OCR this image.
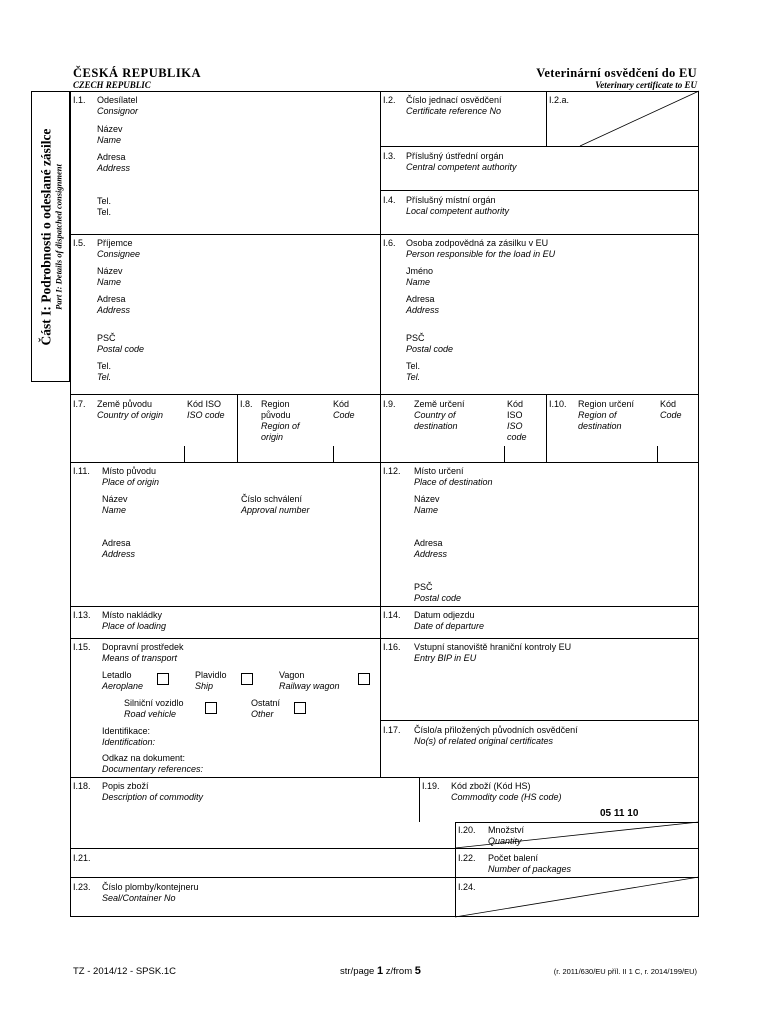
ČESKÁ REPUBLIKA
CZECH REPUBLIC
Veterinární osvědčení do EU
Veterinary certificate to EU
Část I: Podrobnosti o odeslané zásilce Part I: Details of dispatched consignment
I.1. Odesílatel
Consignor
Název
Name
Adresa
Address
Tel.
Tel.
I.2. Číslo jednací osvědčení
Certificate reference No
I.2.a.
I.3. Příslušný ústřední orgán
Central competent authority
I.4. Příslušný místní orgán
Local competent authority
I.5. Příjemce
Consignee
Název
Name
Adresa
Address
PSČ
Postal code
Tel.
Tel.
I.6. Osoba zodpovědná za zásilku v EU
Person responsible for the load in EU
Jméno
Name
Adresa
Address
PSČ
Postal code
Tel.
Tel.
I.7. Země původu
Country of origin
Kód ISO
ISO code
I.8. Region
původu
Region of
origin
Kód
Code
I.9. Země určení
Country of
destination
Kód
ISO
ISO
code
I.10. Region určení
Region of
destination
Kód
Code
I.11. Místo původu
Place of origin
Název
Name
Číslo schválení
Approval number
Adresa
Address
I.12. Místo určení
Place of destination
Název
Name
Adresa
Address
PSČ
Postal code
I.13. Místo nakládky
Place of loading
I.14. Datum odjezdu
Date of departure
I.15. Dopravní prostředek
Means of transport
Letadlo
Aeroplane
Plavidlo
Ship
Vagon
Railway wagon
Silniční vozidlo
Road vehicle
Ostatní
Other
Identifikace:
Identification:
Odkaz na dokument:
Documentary references:
I.16. Vstupní stanoviště hraniční kontroly EU
Entry BIP in EU
I.17. Číslo/a přiložených původních osvědčení
No(s) of related original certificates
I.18. Popis zboží
Description of commodity
I.19. Kód zboží (Kód HS)
Commodity code (HS code)
05 11 10
I.20. Množství
Quantity
I.21.	I.22. Počet balení
Number of packages
I.23. Číslo plomby/kontejneru
Seal/Container No
I.24.
TZ - 2014/12 - SPSK.1C	str/page 1 z/from 5	(r. 2011/630/EU příl. II 1 C, r. 2014/199/EU)
